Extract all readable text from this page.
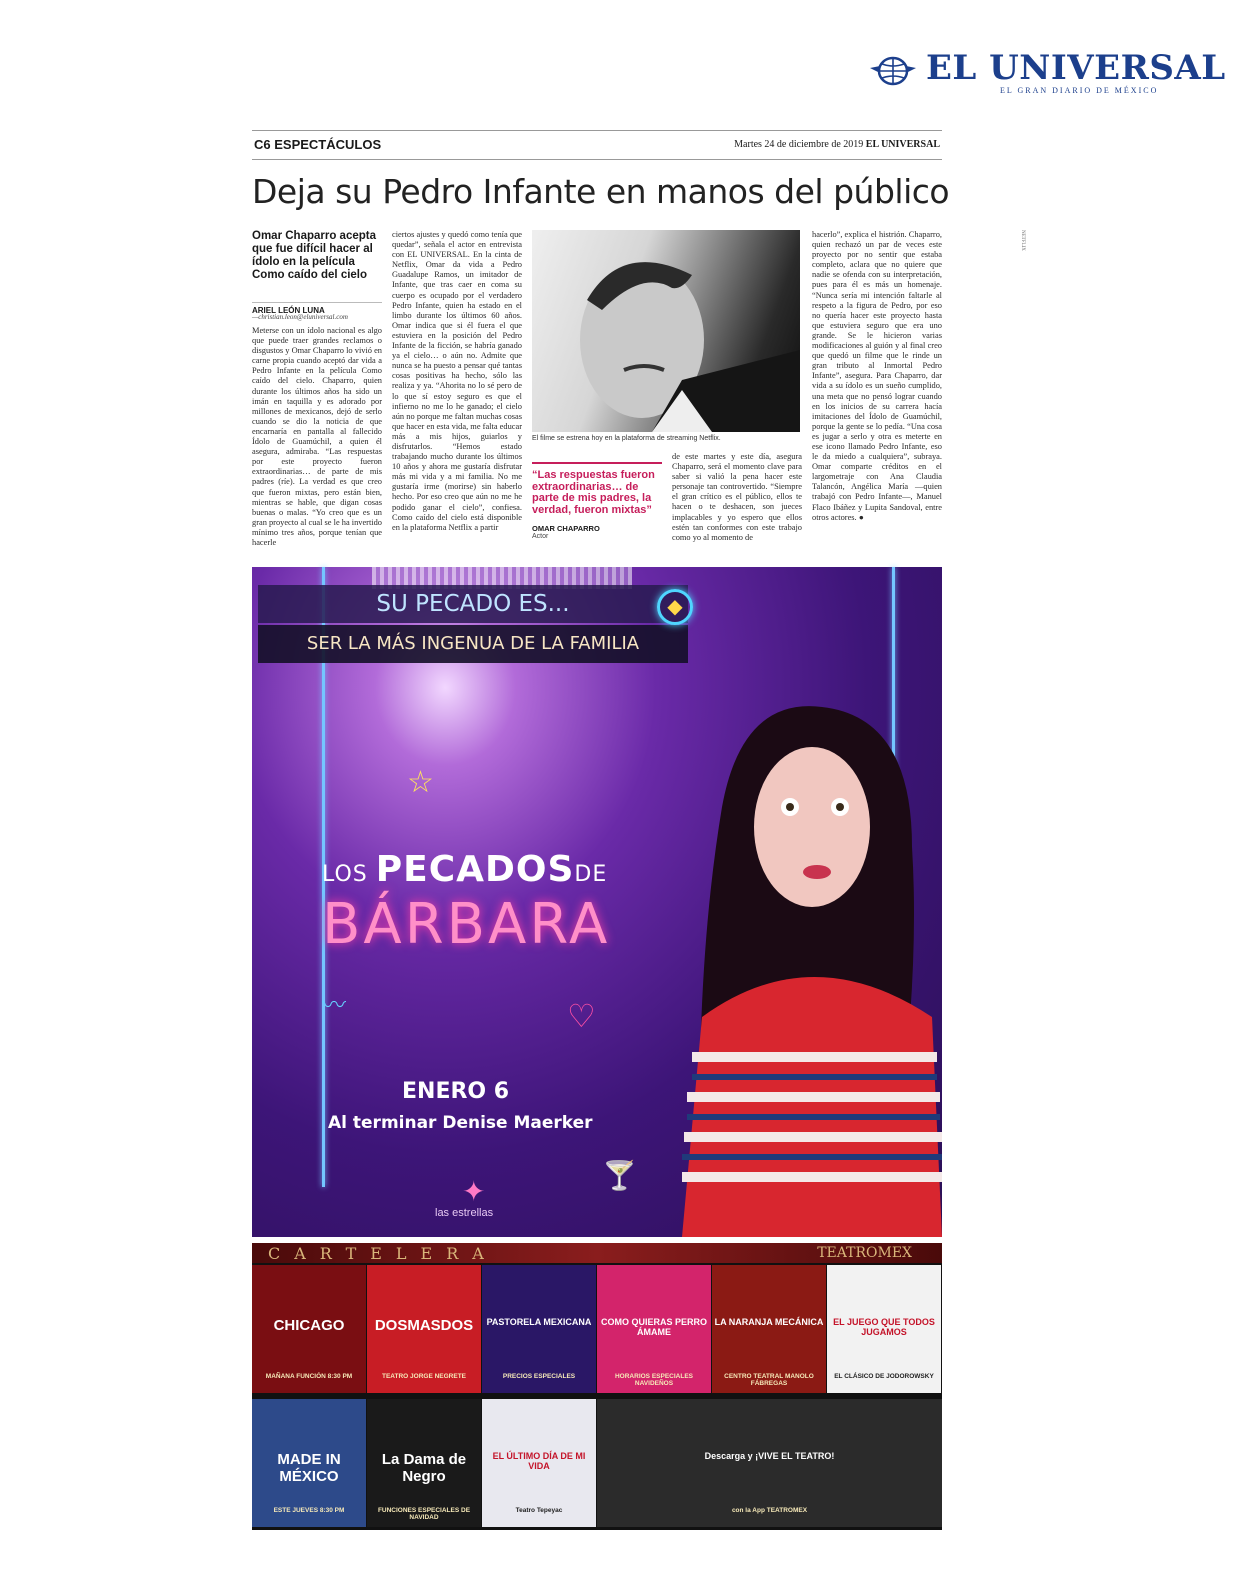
EL UNIVERSAL
EL GRAN DIARIO DE MÉXICO
C6 ESPECTÁCULOS	Martes 24 de diciembre de 2019 EL UNIVERSAL
Deja su Pedro Infante en manos del público
Omar Chaparro acepta que fue difícil hacer al ídolo en la película Como caído del cielo
ARIEL LEÓN LUNA
—christian.leon@eluniversal.com
Meterse con un ídolo nacional es algo que puede traer grandes reclamos o disgustos y Omar Chaparro lo vivió en carne propia cuando aceptó dar vida a Pedro Infante en la película Como caído del cielo. Chaparro, quien durante los últimos años ha sido un imán en taquilla y es adorado por millones de mexicanos, dejó de serlo cuando se dio la noticia de que encarnaría en pantalla al fallecido Ídolo de Guamúchil, a quien él asegura, admiraba. “Las respuestas por este proyecto fueron extraordinarias… de parte de mis padres (ríe). La verdad es que creo que fueron mixtas, pero están bien, mientras se hable, que digan cosas buenas o malas. “Yo creo que es un gran proyecto al cual se le ha invertido mínimo tres años, porque tenían que hacerle
ciertos ajustes y quedó como tenía que quedar”, señala el actor en entrevista con EL UNIVERSAL. En la cinta de Netflix, Omar da vida a Pedro Guadalupe Ramos, un imitador de Infante, que tras caer en coma su cuerpo es ocupado por el verdadero Pedro Infante, quien ha estado en el limbo durante los últimos 60 años. Omar indica que si él fuera el que estuviera en la posición del Pedro Infante de la ficción, se habría ganado ya el cielo… o aún no. Admite que nunca se ha puesto a pensar qué tantas cosas positivas ha hecho, sólo las realiza y ya. “Ahorita no lo sé pero de lo que sí estoy seguro es que el infierno no me lo he ganado; el cielo aún no porque me faltan muchas cosas que hacer en esta vida, me falta educar más a mis hijos, guiarlos y disfrutarlos. “Hemos estado trabajando mucho durante los últimos 10 años y ahora me gustaría disfrutar más mi vida y a mi familia. No me gustaría irme (morirse) sin haberlo hecho. Por eso creo que aún no me he podido ganar el cielo”, confiesa. Como caído del cielo está disponible en la plataforma Netflix a partir
NETFLIX
El filme se estrena hoy en la plataforma de streaming Netflix.
“Las respuestas fueron extraordinarias… de parte de mis padres, la verdad, fueron mixtas”
OMAR CHAPARRO
Actor
de este martes y este día, asegura Chaparro, será el momento clave para saber si valió la pena hacer este personaje tan controvertido. “Siempre el gran crítico es el público, ellos te hacen o te deshacen, son jueces implacables y yo espero que ellos estén tan conformes con este trabajo como yo al momento de
hacerlo”, explica el histrión. Chaparro, quien rechazó un par de veces este proyecto por no sentir que estaba completo, aclara que no quiere que nadie se ofenda con su interpretación, pues para él es más un homenaje. “Nunca sería mi intención faltarle al respeto a la figura de Pedro, por eso no quería hacer este proyecto hasta que estuviera seguro que era uno grande. Se le hicieron varias modificaciones al guión y al final creo que quedó un filme que le rinde un gran tributo al Inmortal Pedro Infante”, asegura. Para Chaparro, dar vida a su ídolo es un sueño cumplido, una meta que no pensó lograr cuando en los inicios de su carrera hacía imitaciones del Ídolo de Guamúchil, porque la gente se lo pedía. “Una cosa es jugar a serlo y otra es meterte en ese icono llamado Pedro Infante, eso le da miedo a cualquiera”, subraya. Omar comparte créditos en el largometraje con Ana Claudia Talancón, Angélica María —quien trabajó con Pedro Infante—, Manuel Flaco Ibáñez y Lupita Sandoval, entre otros actores. ●
SU PECADO ES...
SER LA MÁS INGENUA DE LA FAMILIA
◆
☆
♡
〰
🍸
LOS PECADOSDE
BÁRBARA
ENERO 6
Al terminar Denise Maerker
✦
las estrellas
CARTELERA	TEATROMEX
CHICAGO
MAÑANA FUNCIÓN 8:30 PM
DOSMASDOS
TEATRO JORGE NEGRETE
PASTORELA MEXICANA
PRECIOS ESPECIALES
COMO QUIERAS PERRO ÁMAME
HORARIOS ESPECIALES NAVIDEÑOS
LA NARANJA MECÁNICA
CENTRO TEATRAL MANOLO FÁBREGAS
EL JUEGO QUE TODOS JUGAMOS
EL CLÁSICO DE JODOROWSKY
MADE IN MÉXICO
ESTE JUEVES 8:30 PM
La Dama de Negro
FUNCIONES ESPECIALES DE NAVIDAD
EL ÚLTIMO DÍA DE MI VIDA
Teatro Tepeyac
Descarga y ¡VIVE EL TEATRO!
con la App TEATROMEX
